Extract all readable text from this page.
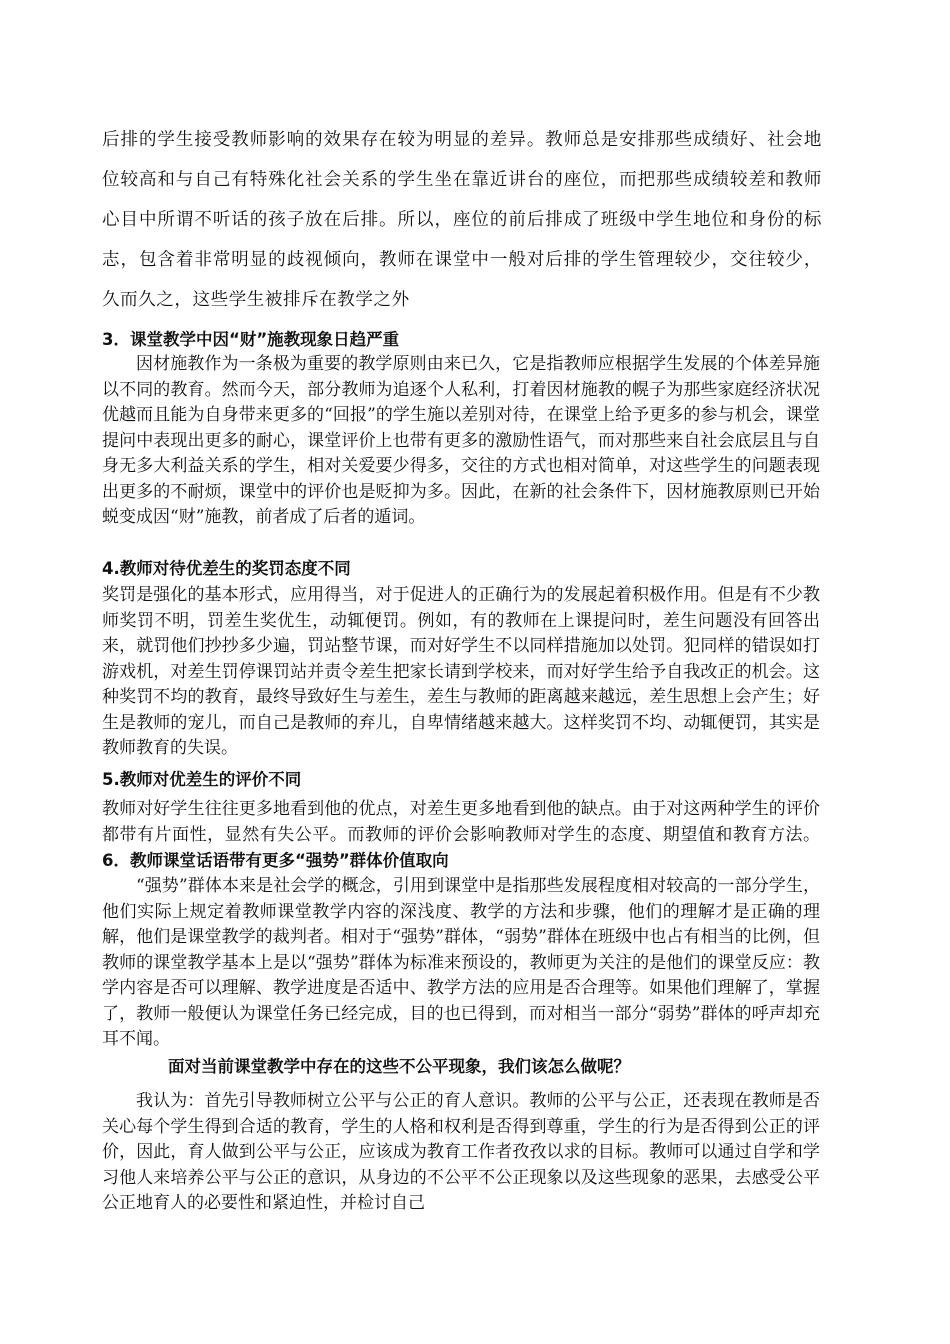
后排的学生接受教师影响的效果存在较为明显的差异。教师总是安排那些成绩好、社会地位较高和与自己有特殊化社会关系的学生坐在靠近讲台的座位，而把那些成绩较差和教师心目中所谓不听话的孩子放在后排。所以，座位的前后排成了班级中学生地位和身份的标志，包含着非常明显的歧视倾向，教师在课堂中一般对后排的学生管理较少，交往较少，久而久之，这些学生被排斥在教学之外

3．课堂教学中因“财”施教现象日趋严重

因材施教作为一条极为重要的教学原则由来已久，它是指教师应根据学生发展的个体差异施以不同的教育。然而今天，部分教师为追逐个人私利，打着因材施教的幌子为那些家庭经济状况优越而且能为自身带来更多的“回报”的学生施以差别对待，在课堂上给予更多的参与机会，课堂提问中表现出更多的耐心，课堂评价上也带有更多的激励性语气，而对那些来自社会底层且与自身无多大利益关系的学生，相对关爱要少得多，交往的方式也相对简单，对这些学生的问题表现出更多的不耐烦，课堂中的评价也是贬抑为多。因此，在新的社会条件下，因材施教原则已开始蜕变成因“财”施教，前者成了后者的遁词。

4.教师对待优差生的奖罚态度不同

奖罚是强化的基本形式，应用得当，对于促进人的正确行为的发展起着积极作用。但是有不少教师奖罚不明，罚差生奖优生，动辄便罚。例如，有的教师在上课提问时，差生问题没有回答出来，就罚他们抄抄多少遍，罚站整节课，而对好学生不以同样措施加以处罚。犯同样的错误如打游戏机，对差生罚停课罚站并责令差生把家长请到学校来，而对好学生给予自我改正的机会。这种奖罚不均的教育，最终导致好生与差生，差生与教师的距离越来越远，差生思想上会产生；好生是教师的宠儿，而自己是教师的弃儿，自卑情绪越来越大。这样奖罚不均、动辄便罚，其实是教师教育的失误。

5.教师对优差生的评价不同

教师对好学生往往更多地看到他的优点，对差生更多地看到他的缺点。由于对这两种学生的评价都带有片面性，显然有失公平。而教师的评价会影响教师对学生的态度、期望值和教育方法。6．教师课堂话语带有更多“强势”群体价值取向

“强势”群体本来是社会学的概念，引用到课堂中是指那些发展程度相对较高的一部分学生，他们实际上规定着教师课堂教学内容的深浅度、教学的方法和步骤，他们的理解才是正确的理解，他们是课堂教学的裁判者。相对于“强势”群体，“弱势”群体在班级中也占有相当的比例，但教师的课堂教学基本上是以“强势”群体为标准来预设的，教师更为关注的是他们的课堂反应：教学内容是否可以理解、教学进度是否适中、教学方法的应用是否合理等。如果他们理解了，掌握了，教师一般便认为课堂任务已经完成，目的也已得到，而对相当一部分“弱势”群体的呼声却充耳不闻。

面对当前课堂教学中存在的这些不公平现象，我们该怎么做呢？

我认为：首先引导教师树立公平与公正的育人意识。教师的公平与公正，还表现在教师是否关心每个学生得到合适的教育，学生的人格和权利是否得到尊重，学生的行为是否得到公正的评价，因此，育人做到公平与公正，应该成为教育工作者孜孜以求的目标。教师可以通过自学和学习他人来培养公平与公正的意识，从身边的不公平不公正现象以及这些现象的恶果，去感受公平公正地育人的必要性和紧迫性，并检讨自己
